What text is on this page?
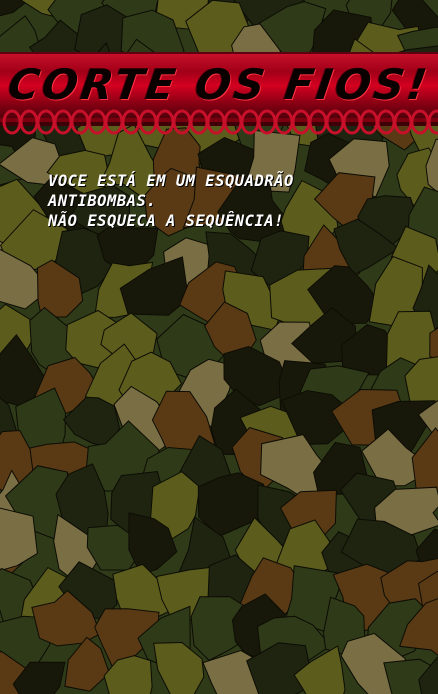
CORTE OS FIOS!
VOCE ESTÁ EM UM ESQUADRÃO
ANTIBOMBAS.
NÃO ESQUECA A SEQUÊNCIA!
